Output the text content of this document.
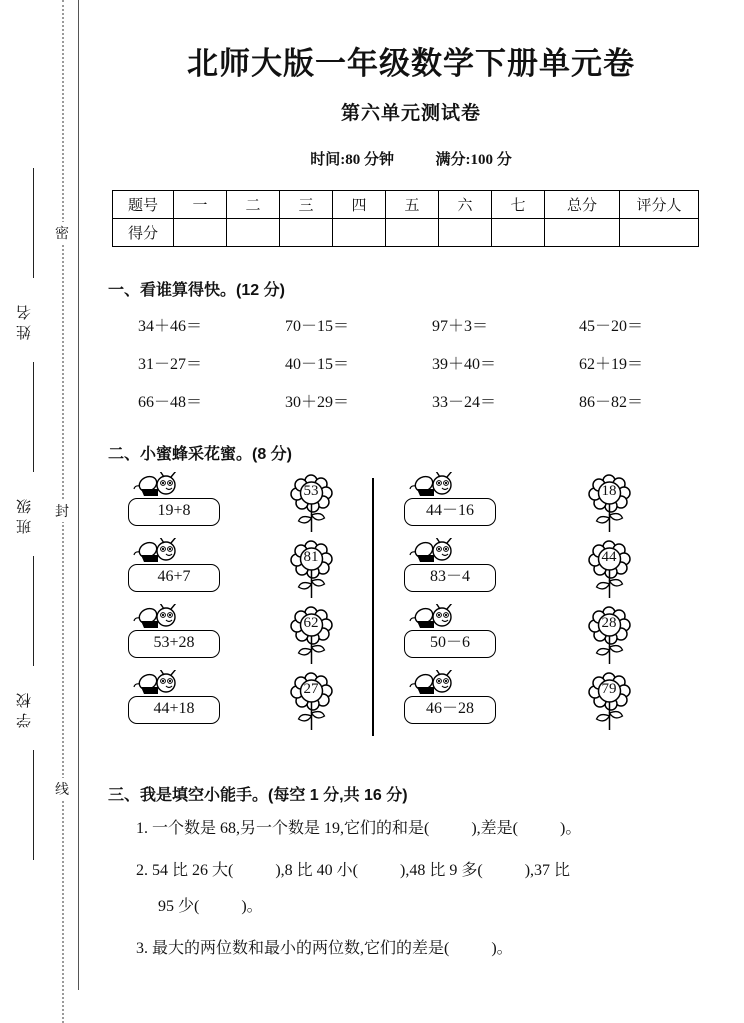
密
封
线
姓名
班级
学校
北师大版一年级数学下册单元卷
第六单元测试卷
时间:80 分钟	满分:100 分
题号	一	二	三	四	五	六	七	总分	评分人
得分									
一、看谁算得快。(12 分)
34＋46＝	70－15＝	97＋3＝	45－20＝
31－27＝	40－15＝	39＋40＝	62＋19＝
66－48＝	30＋29＝	33－24＝	86－82＝
二、小蜜蜂采花蜜。(8 分)
19+8
53
44－16
18
46+7
81
83－4
44
53+28
62
50－6
28
44+18
27
46－28
79
三、我是填空小能手。(每空 1 分,共 16 分)
1. 一个数是 68,另一个数是 19,它们的和是(	),差是(	)。
2. 54 比 26 大(	),8 比 40 小(	),48 比 9 多(	),37 比
95 少(	)。
3. 最大的两位数和最小的两位数,它们的差是(	)。
